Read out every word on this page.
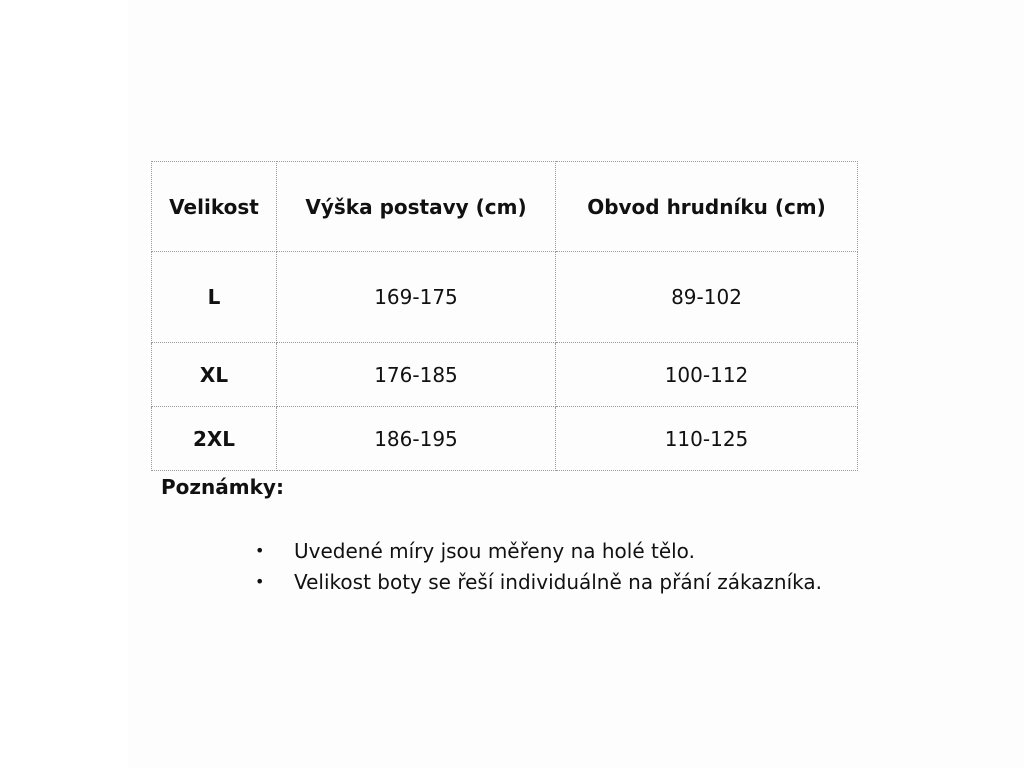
Velikost	Výška postavy (cm)	Obvod hrudníku (cm)
L	169-175	89-102
XL	176-185	100-112
2XL	186-195	110-125

Poznámky:

• Uvedené míry jsou měřeny na holé tělo.
• Velikost boty se řeší individuálně na přání zákazníka.
